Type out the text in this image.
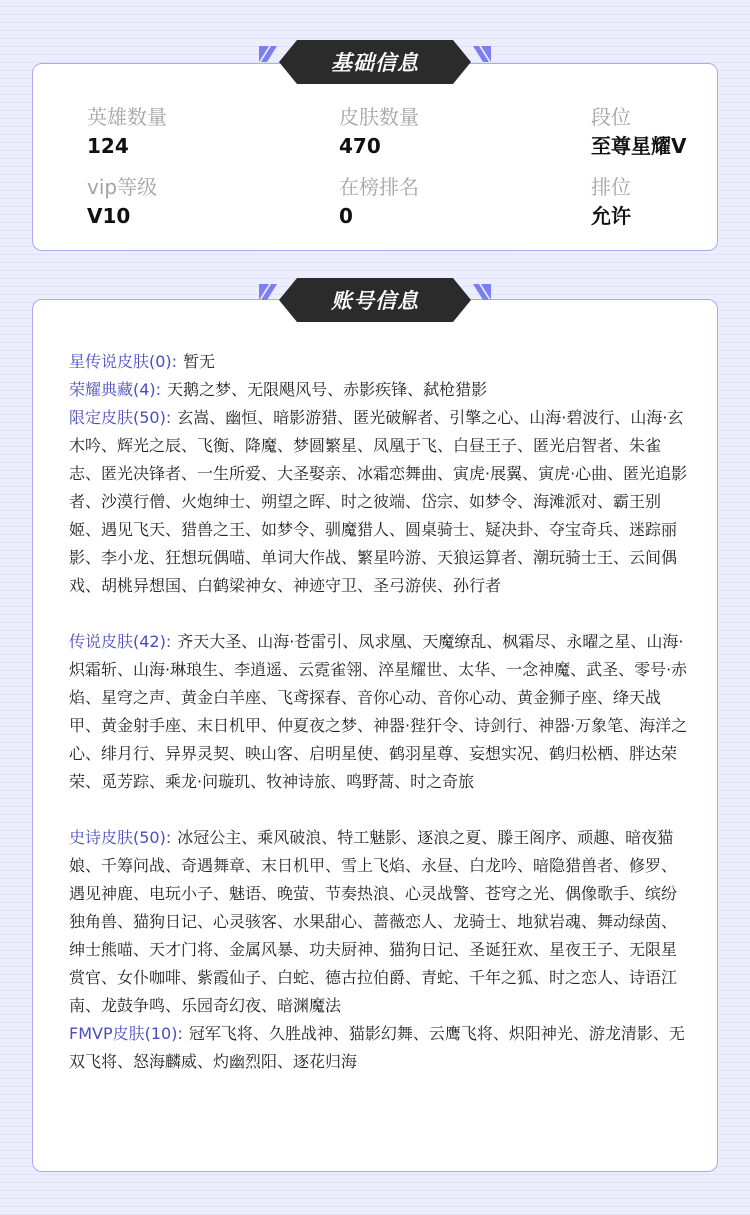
英雄数量
124
皮肤数量
470
段位
至尊星耀V
vip等级
V10
在榜排名
0
排位
允许
基础信息
星传说皮肤(0): 暂无
荣耀典藏(4): 天鹅之梦、无限飓风号、赤影疾锋、弑枪猎影
限定皮肤(50): 玄嵩、幽恒、暗影游猎、匿光破解者、引擎之心、山海·碧波行、山海·玄木吟、辉光之辰、飞衡、降魔、梦圆繁星、凤凰于飞、白昼王子、匿光启智者、朱雀志、匿光决锋者、一生所爱、大圣娶亲、冰霜恋舞曲、寅虎·展翼、寅虎·心曲、匿光追影者、沙漠行僧、火炮绅士、朔望之晖、时之彼端、岱宗、如梦令、海滩派对、霸王别姬、遇见飞天、猎兽之王、如梦令、驯魔猎人、圆桌骑士、疑决卦、夺宝奇兵、迷踪丽影、李小龙、狂想玩偶喵、单词大作战、繁星吟游、天狼运算者、潮玩骑士王、云间偶戏、胡桃异想国、白鹤梁神女、神迹守卫、圣弓游侠、孙行者
传说皮肤(42): 齐天大圣、山海·苍雷引、凤求凰、天魔缭乱、枫霜尽、永曜之星、山海·炽霜斩、山海·琳琅生、李逍遥、云霓雀翎、淬星耀世、太华、一念神魔、武圣、零号·赤焰、星穹之声、黄金白羊座、飞鸢探春、音你心动、音你心动、黄金狮子座、绛天战甲、黄金射手座、末日机甲、仲夏夜之梦、神器·狴犴令、诗剑行、神器·万象笔、海洋之心、绯月行、异界灵契、映山客、启明星使、鹤羽星尊、妄想实况、鹤归松栖、胖达荣荣、觅芳踪、乘龙·问璇玑、牧神诗旅、鸣野蒿、时之奇旅
史诗皮肤(50): 冰冠公主、乘风破浪、特工魅影、逐浪之夏、滕王阁序、顽趣、暗夜猫娘、千筹问战、奇遇舞章、末日机甲、雪上飞焰、永昼、白龙吟、暗隐猎兽者、修罗、遇见神鹿、电玩小子、魅语、晚萤、节奏热浪、心灵战警、苍穹之光、偶像歌手、缤纷独角兽、猫狗日记、心灵骇客、水果甜心、蔷薇恋人、龙骑士、地狱岩魂、舞动绿茵、绅士熊喵、天才门将、金属风暴、功夫厨神、猫狗日记、圣诞狂欢、星夜王子、无限星赏官、女仆咖啡、紫霞仙子、白蛇、德古拉伯爵、青蛇、千年之狐、时之恋人、诗语江南、龙鼓争鸣、乐园奇幻夜、暗渊魔法
FMVP皮肤(10): 冠军飞将、久胜战神、猫影幻舞、云鹰飞将、炽阳神光、游龙清影、无双飞将、怒海麟威、灼幽烈阳、逐花归海
账号信息
